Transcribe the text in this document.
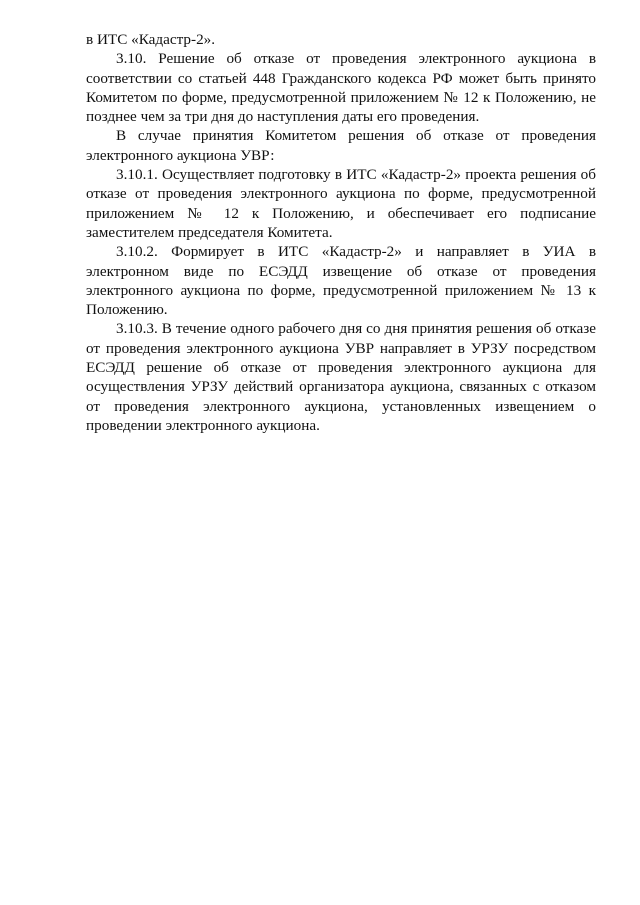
в ИТС «Кадастр-2».

3.10. Решение об отказе от проведения электронного аукциона в соответствии со статьей 448 Гражданского кодекса РФ может быть принято Комитетом по форме, предусмотренной приложением № 12 к Положению, не позднее чем за три дня до наступления даты его проведения.

В случае принятия Комитетом решения об отказе от проведения электронного аукциона УВР:

3.10.1. Осуществляет подготовку в ИТС «Кадастр-2» проекта решения об отказе от проведения электронного аукциона по форме, предусмотренной приложением № 12 к Положению, и обеспечивает его подписание заместителем председателя Комитета.

3.10.2. Формирует в ИТС «Кадастр-2» и направляет в УИА в электронном виде по ЕСЭДД извещение об отказе от проведения электронного аукциона по форме, предусмотренной приложением № 13 к Положению.

3.10.3. В течение одного рабочего дня со дня принятия решения об отказе от проведения электронного аукциона УВР направляет в УРЗУ посредством ЕСЭДД решение об отказе от проведения электронного аукциона для осуществления УРЗУ действий организатора аукциона, связанных с отказом от проведения электронного аукциона, установленных извещением о проведении электронного аукциона.
